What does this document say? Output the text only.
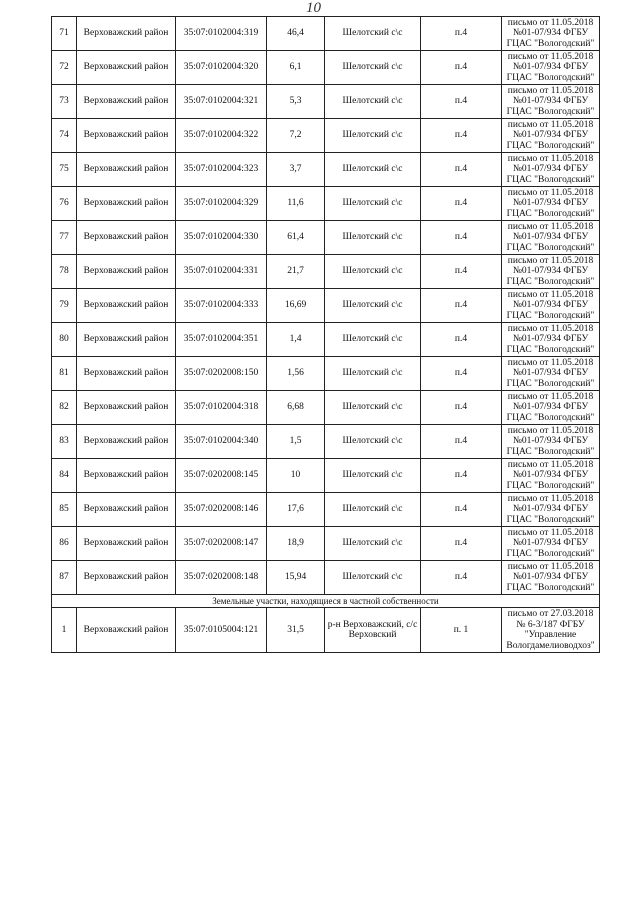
10
71	Верховажский район	35:07:0102004:319	46,4	Шелотский с\с	п.4	письмо от 11.05.2018
№01-07/934 ФГБУ
ГЦАС "Вологодский"

72	Верховажский район	35:07:0102004:320	6,1	Шелотский с\с	п.4	письмо от 11.05.2018
№01-07/934 ФГБУ
ГЦАС "Вологодский"

73	Верховажский район	35:07:0102004:321	5,3	Шелотский с\с	п.4	письмо от 11.05.2018
№01-07/934 ФГБУ
ГЦАС "Вологодский"

74	Верховажский район	35:07:0102004:322	7,2	Шелотский с\с	п.4	письмо от 11.05.2018
№01-07/934 ФГБУ
ГЦАС "Вологодский"

75	Верховажский район	35:07:0102004:323	3,7	Шелотский с\с	п.4	письмо от 11.05.2018
№01-07/934 ФГБУ
ГЦАС "Вологодский"

76	Верховажский район	35:07:0102004:329	11,6	Шелотский с\с	п.4	письмо от 11.05.2018
№01-07/934 ФГБУ
ГЦАС "Вологодский"

77	Верховажский район	35:07:0102004:330	61,4	Шелотский с\с	п.4	письмо от 11.05.2018
№01-07/934 ФГБУ
ГЦАС "Вологодский"

78	Верховажский район	35:07:0102004:331	21,7	Шелотский с\с	п.4	письмо от 11.05.2018
№01-07/934 ФГБУ
ГЦАС "Вологодский"

79	Верховажский район	35:07:0102004:333	16,69	Шелотский с\с	п.4	письмо от 11.05.2018
№01-07/934 ФГБУ
ГЦАС "Вологодский"

80	Верховажский район	35:07:0102004:351	1,4	Шелотский с\с	п.4	письмо от 11.05.2018
№01-07/934 ФГБУ
ГЦАС "Вологодский"

81	Верховажский район	35:07:0202008:150	1,56	Шелотский с\с	п.4	письмо от 11.05.2018
№01-07/934 ФГБУ
ГЦАС "Вологодский"

82	Верховажский район	35:07:0102004:318	6,68	Шелотский с\с	п.4	письмо от 11.05.2018
№01-07/934 ФГБУ
ГЦАС "Вологодский"

83	Верховажский район	35:07:0102004:340	1,5	Шелотский с\с	п.4	письмо от 11.05.2018
№01-07/934 ФГБУ
ГЦАС "Вологодский"

84	Верховажский район	35:07:0202008:145	10	Шелотский с\с	п.4	письмо от 11.05.2018
№01-07/934 ФГБУ
ГЦАС "Вологодский"

85	Верховажский район	35:07:0202008:146	17,6	Шелотский с\с	п.4	письмо от 11.05.2018
№01-07/934 ФГБУ
ГЦАС "Вологодский"

86	Верховажский район	35:07:0202008:147	18,9	Шелотский с\с	п.4	письмо от 11.05.2018
№01-07/934 ФГБУ
ГЦАС "Вологодский"

87	Верховажский район	35:07:0202008:148	15,94	Шелотский с\с	п.4	письмо от 11.05.2018
№01-07/934 ФГБУ
ГЦАС "Вологодский"

Земельные участки, находящиеся в частной собственности						
1	Верховажский район	35:07:0105004:121	31,5	р-н Верховажский, с/с Верховский	п. 1	письмо от 27.03.2018
№ 6-3/187 ФГБУ
"Управление
Вологдамелиоводхоз"
